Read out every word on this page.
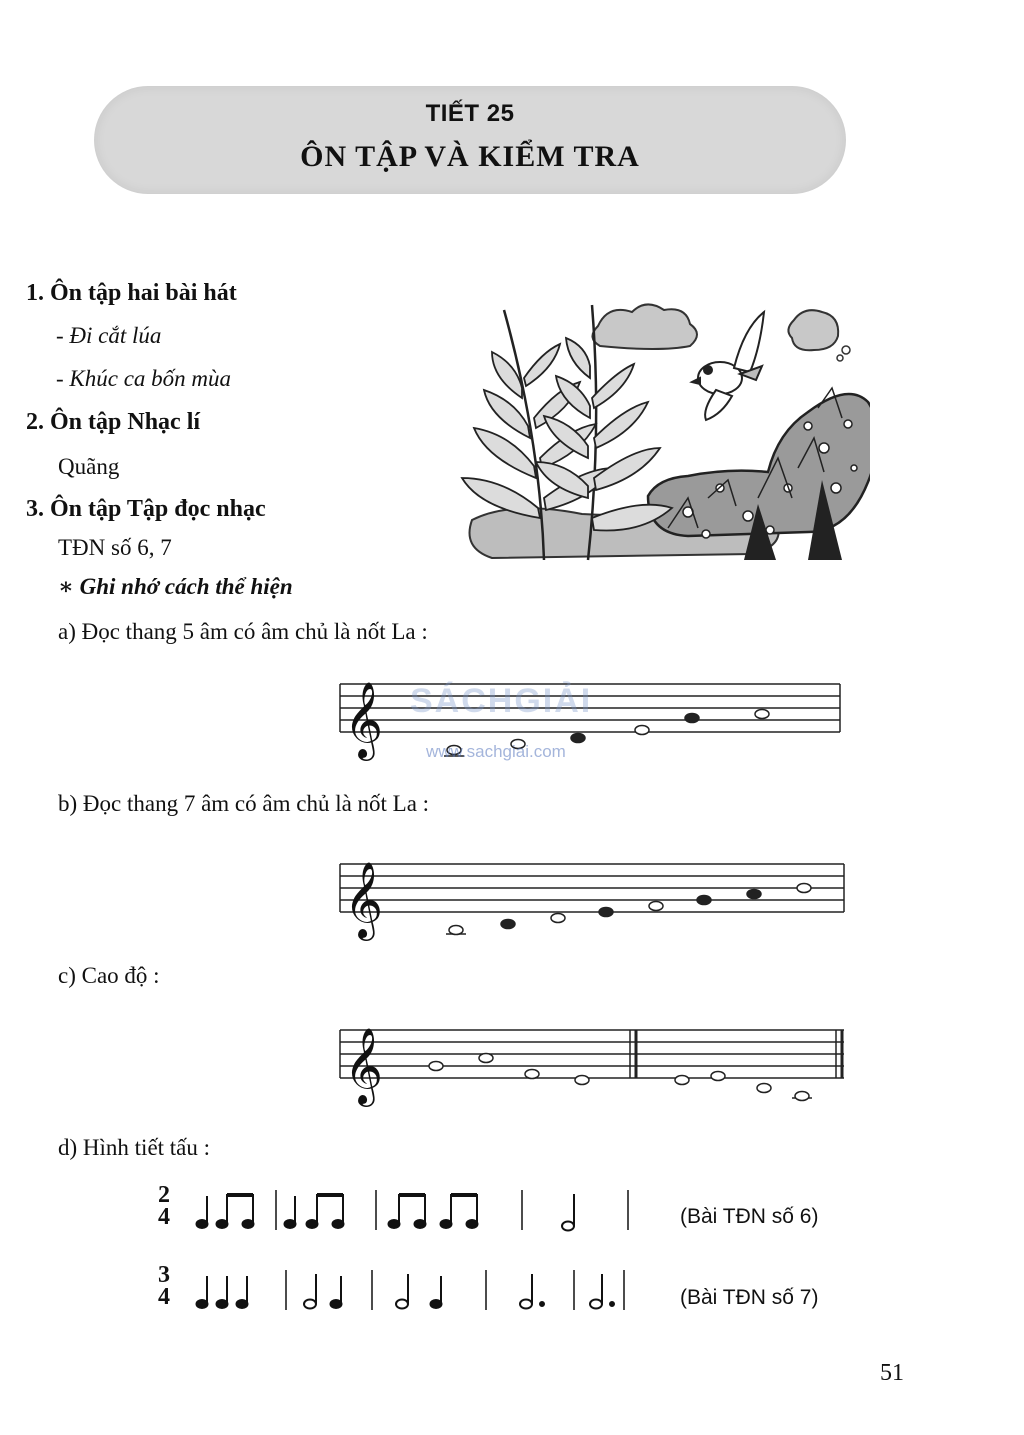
TIẾT 25
ÔN TẬP VÀ KIỂM TRA
1. Ôn tập hai bài hát
- Đi cắt lúa
- Khúc ca bốn mùa
2. Ôn tập Nhạc lí
Quãng
3. Ôn tập Tập đọc nhạc
TĐN số 6, 7
∗ Ghi nhớ cách thể hiện
a) Đọc thang 5 âm có âm chủ là nốt La :
𝄞 SÁCHGIẢI
www.sachgiai.com
b) Đọc thang 7 âm có âm chủ là nốt La :
𝄞
c) Cao độ :
𝄞
d) Hình tiết tấu :
2
4	(Bài TĐN số 6)
3
4	(Bài TĐN số 7)
51
